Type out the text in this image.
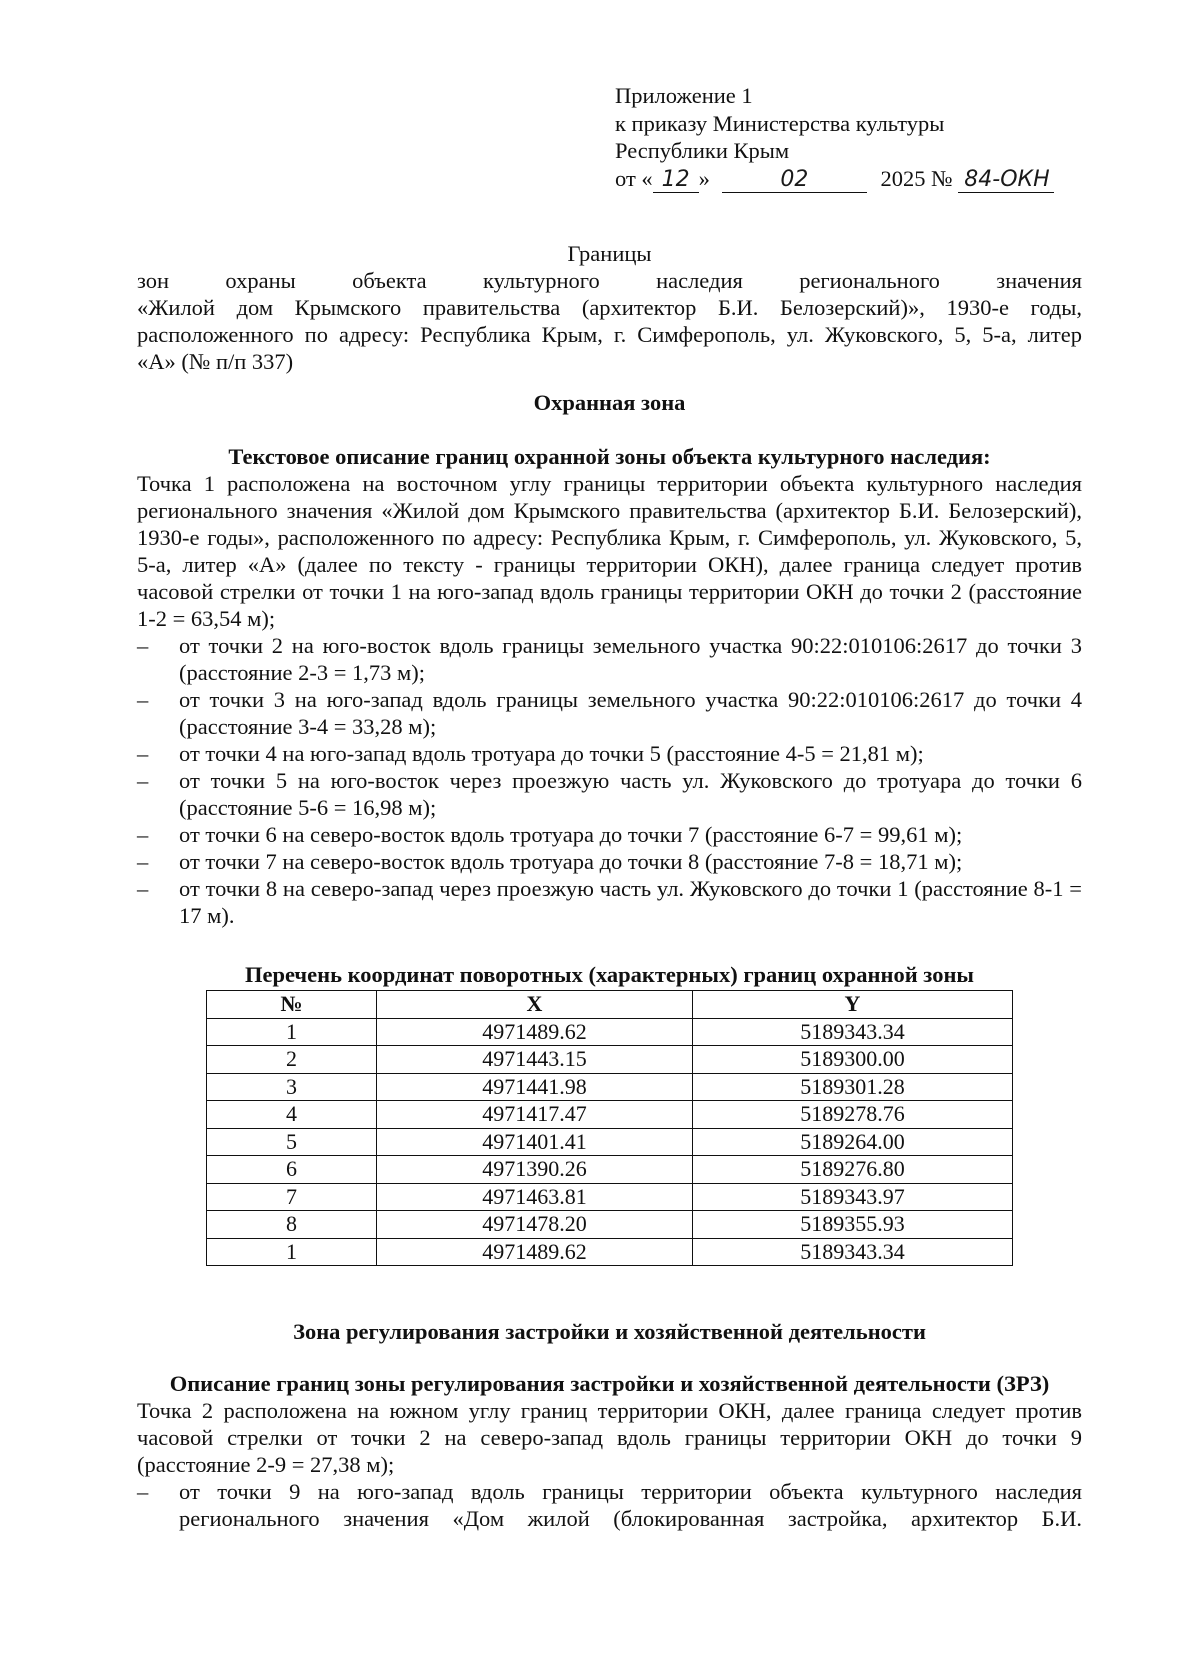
Приложение 1
к приказу Министерства культуры
Республики Крым
от « 12 »	02	2025 № 84-ОКН
Границы
зон охраны объекта культурного наследия регионального значения
«Жилой дом Крымского правительства (архитектор Б.И. Белозерский)», 1930-е годы,
расположенного по адресу: Республика Крым, г. Симферополь, ул. Жуковского, 5, 5-а, литер
«А» (№ п/п 337)
Охранная зона
Текстовое описание границ охранной зоны объекта культурного наследия:
Точка 1 расположена на восточном углу границы территории объекта культурного наследия регионального значения «Жилой дом Крымского правительства (архитектор Б.И. Белозерский), 1930-е годы», расположенного по адресу: Республика Крым, г. Симферополь, ул. Жуковского, 5, 5-а, литер «А» (далее по тексту - границы территории ОКН), далее граница следует против часовой стрелки от точки 1 на юго-запад вдоль границы территории ОКН до точки 2 (расстояние 1-2 = 63,54 м);
– от точки 2 на юго-восток вдоль границы земельного участка 90:22:010106:2617 до точки 3 (расстояние 2-3 = 1,73 м);
– от точки 3 на юго-запад вдоль границы земельного участка 90:22:010106:2617 до точки 4 (расстояние 3-4 = 33,28 м);
– от точки 4 на юго-запад вдоль тротуара до точки 5 (расстояние 4-5 = 21,81 м);
– от точки 5 на юго-восток через проезжую часть ул. Жуковского до тротуара до точки 6 (расстояние 5-6 = 16,98 м);
– от точки 6 на северо-восток вдоль тротуара до точки 7 (расстояние 6-7 = 99,61 м);
– от точки 7 на северо-восток вдоль тротуара до точки 8 (расстояние 7-8 = 18,71 м);
– от точки 8 на северо-запад через проезжую часть ул. Жуковского до точки 1 (расстояние 8-1 = 17 м).
Перечень координат поворотных (характерных) границ охранной зоны
№	X	Y
1	4971489.62	5189343.34
2	4971443.15	5189300.00
3	4971441.98	5189301.28
4	4971417.47	5189278.76
5	4971401.41	5189264.00
6	4971390.26	5189276.80
7	4971463.81	5189343.97
8	4971478.20	5189355.93
1	4971489.62	5189343.34
Зона регулирования застройки и хозяйственной деятельности
Описание границ зоны регулирования застройки и хозяйственной деятельности (ЗРЗ)
Точка 2 расположена на южном углу границ территории ОКН, далее граница следует против часовой стрелки от точки 2 на северо-запад вдоль границы территории ОКН до точки 9 (расстояние 2-9 = 27,38 м);
– от точки 9 на юго-запад вдоль границы территории объекта культурного наследия регионального значения «Дом жилой (блокированная застройка, архитектор Б.И.
